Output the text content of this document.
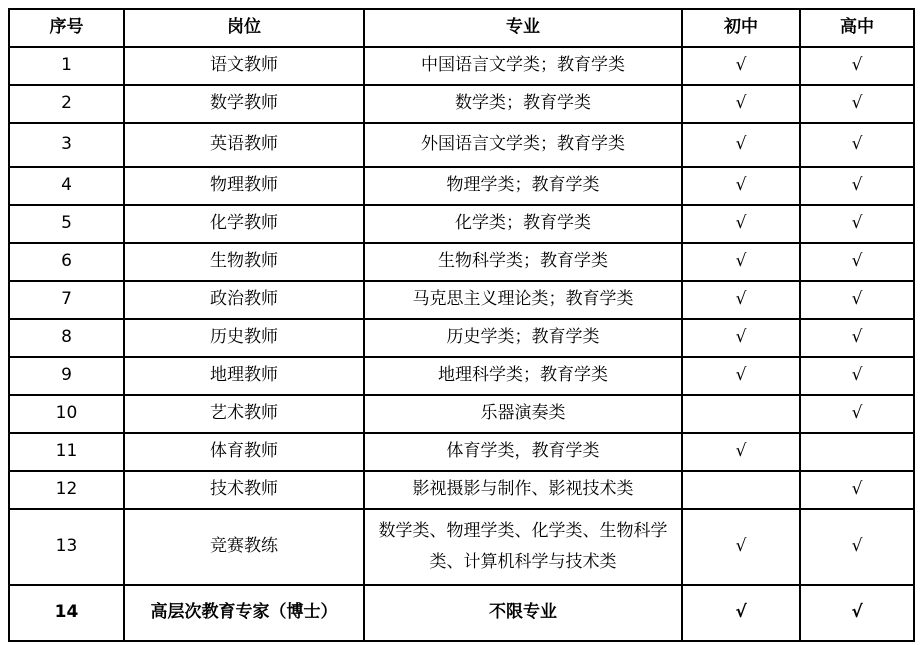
序号	岗位	专业	初中	高中
1	语文教师	中国语言文学类；教育学类	√	√
2	数学教师	数学类；教育学类	√	√
3	英语教师	外国语言文学类；教育学类	√	√
4	物理教师	物理学类；教育学类	√	√
5	化学教师	化学类；教育学类	√	√
6	生物教师	生物科学类；教育学类	√	√
7	政治教师	马克思主义理论类；教育学类	√	√
8	历史教师	历史学类；教育学类	√	√
9	地理教师	地理科学类；教育学类	√	√
10	艺术教师	乐器演奏类		√
11	体育教师	体育学类，教育学类	√	
12	技术教师	影视摄影与制作、影视技术类		√
13	竞赛教练	数学类、物理学类、化学类、生物科学类、计算机科学与技术类	√	√
14	高层次教育专家（博士）	不限专业	√	√
